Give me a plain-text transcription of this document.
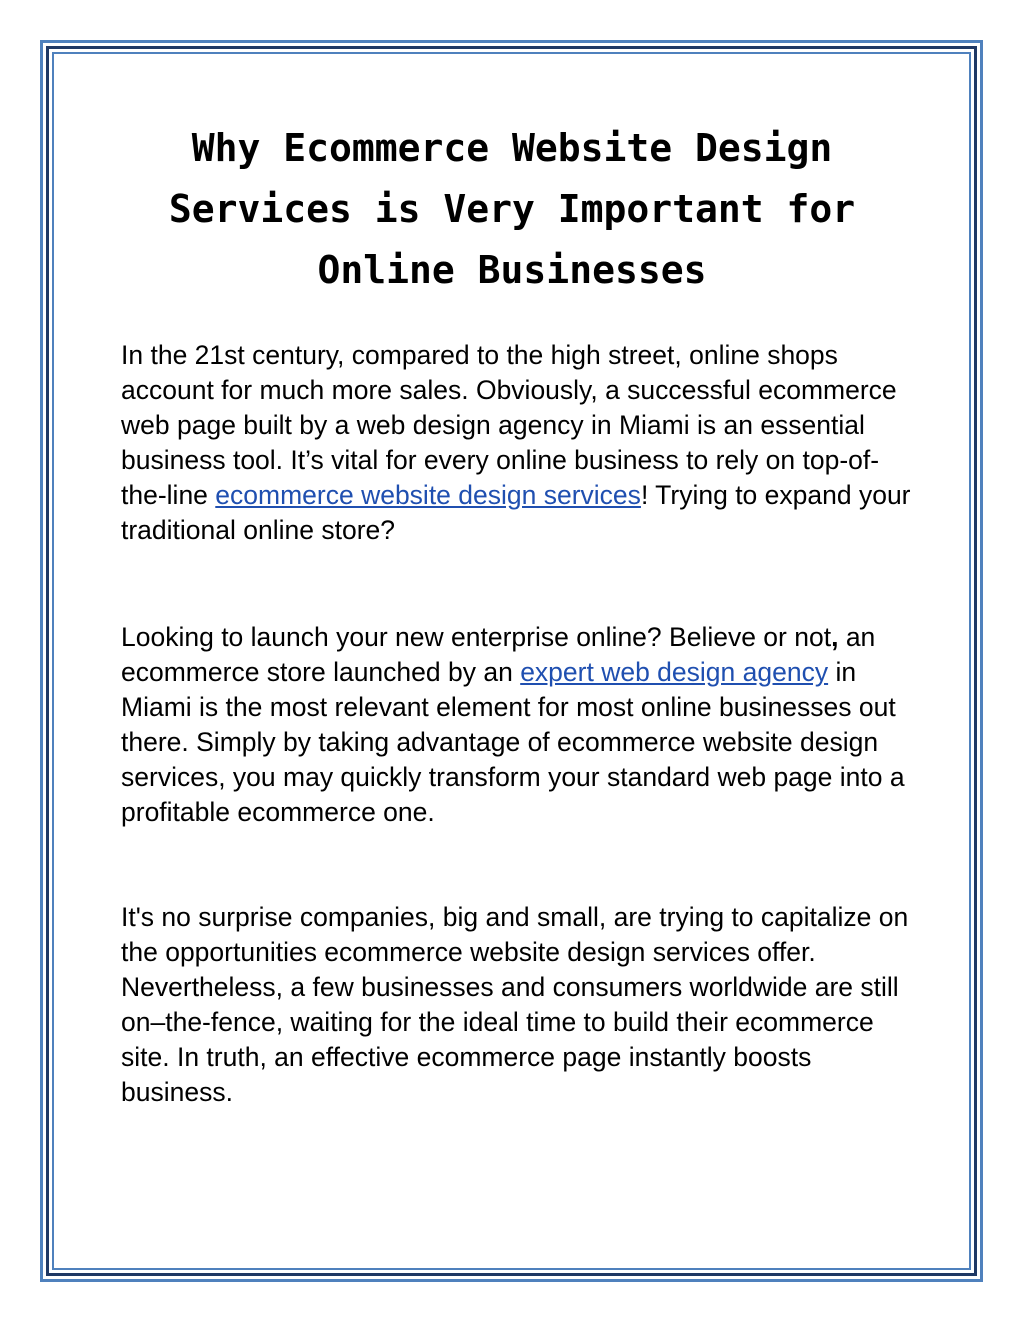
Why Ecommerce Website Design
Services is Very Important for
Online Businesses

In the 21st century, compared to the high street, online shops account for much more sales. Obviously, a successful ecommerce web page built by a web design agency in Miami is an essential business tool. It’s vital for every online business to rely on top-of-the-line ecommerce website design services! Trying to expand your traditional online store?

Looking to launch your new enterprise online? Believe or not, an ecommerce store launched by an expert web design agency in Miami is the most relevant element for most online businesses out there. Simply by taking advantage of ecommerce website design services, you may quickly transform your standard web page into a profitable ecommerce one.

It's no surprise companies, big and small, are trying to capitalize on the opportunities ecommerce website design services offer. Nevertheless, a few businesses and consumers worldwide are still on–the-fence, waiting for the ideal time to build their ecommerce site. In truth, an effective ecommerce page instantly boosts business.
